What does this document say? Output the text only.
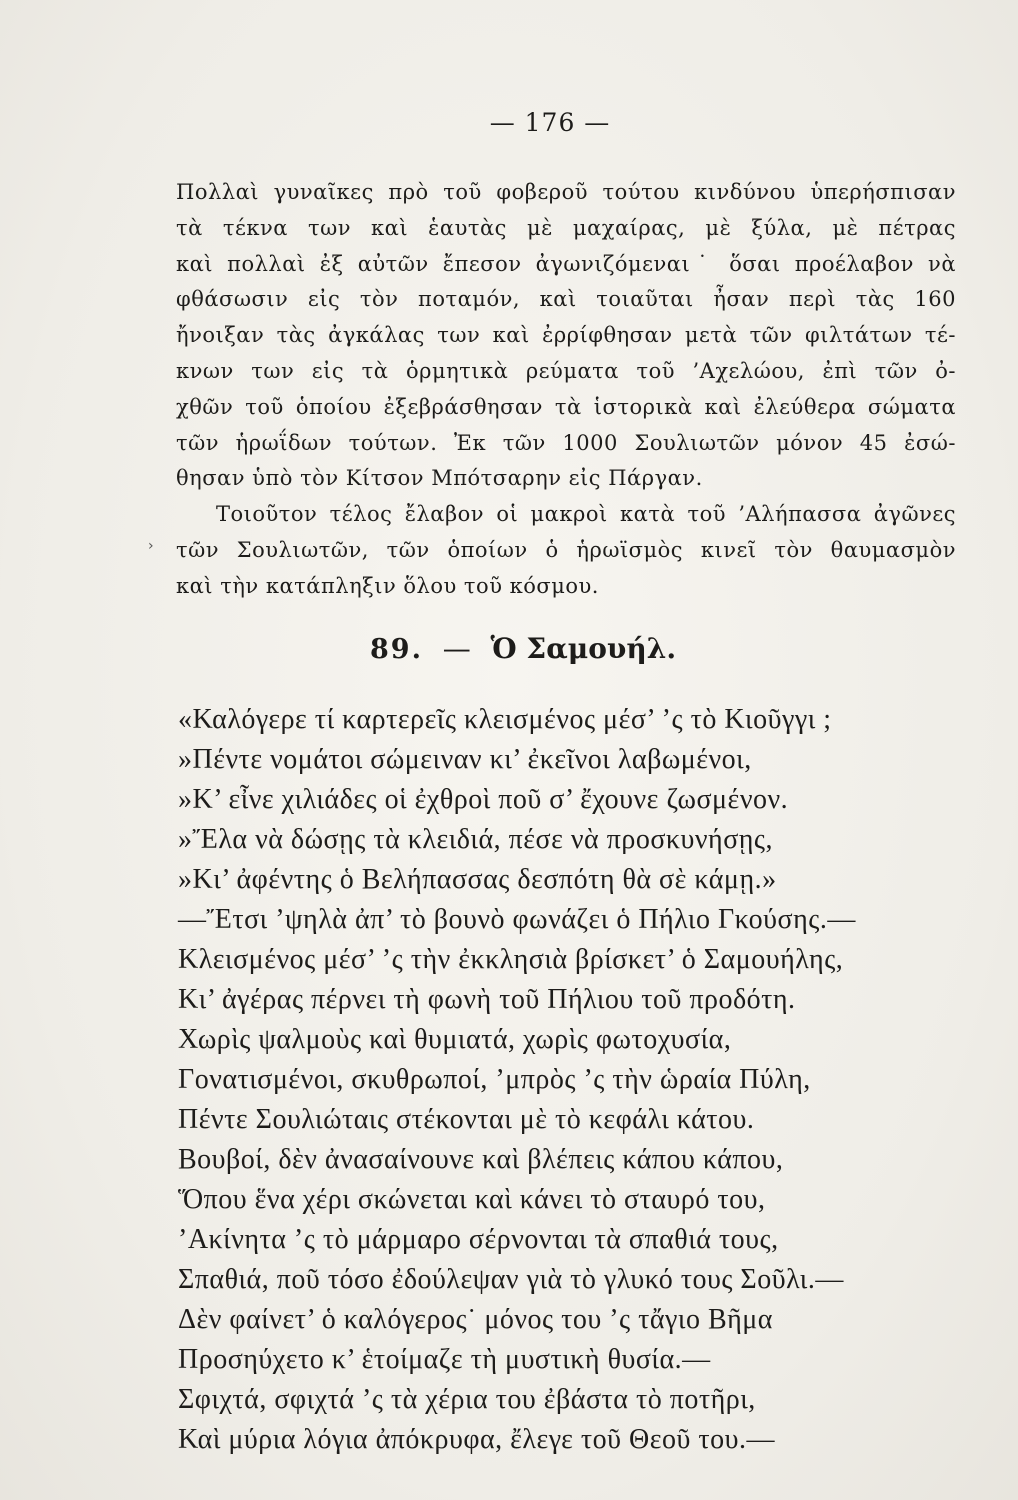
— 176 —

Πολλαὶ γυναῖκες πρὸ τοῦ φοβεροῦ τούτου κινδύνου ὑπερήσπισαν

τὰ τέκνα των καὶ ἑαυτὰς μὲ μαχαίρας, μὲ ξύλα, μὲ πέτρας

καὶ πολλαὶ ἐξ αὐτῶν ἔπεσον ἀγωνιζόμεναι˙ ὅσαι προέλαβον νὰ

φθάσωσιν εἰς τὸν ποταμόν, καὶ τοιαῦται ἦσαν περὶ τὰς 160

ἤνοιξαν τὰς ἀγκάλας των καὶ ἐρρίφθησαν μετὰ τῶν φιλτάτων τέ-

κνων των εἰς τὰ ὁρμητικὰ ρεύματα τοῦ ’Αχελώου, ἐπὶ τῶν ὀ-

χθῶν τοῦ ὁποίου ἐξεβράσθησαν τὰ ἱστορικὰ καὶ ἐλεύθερα σώματα

τῶν ἡρωΐδων τούτων. Ἐκ τῶν 1000 Σουλιωτῶν μόνον 45 ἐσώ-

θησαν ὑπὸ τὸν Κίτσον Μπότσαρην εἰς Πάργαν.

Τοιοῦτον τέλος ἔλαβον οἱ μακροὶ κατὰ τοῦ ’Αλήπασσα ἀγῶνες

τῶν Σουλιωτῶν, τῶν ὁποίων ὁ ἡρωϊσμὸς κινεῖ τὸν θαυμασμὸν

καὶ τὴν κατάπληξιν ὅλου τοῦ κόσμου.

›
89. — Ὁ Σαμουήλ.
«Καλόγερε τί καρτερεῖς κλεισμένος μέσ’ ’ς τὸ Κιοῦγγι ;
»Πέντε νομάτοι σώμειναν κι’ ἐκεῖνοι λαβωμένοι,
»Κ’ εἶνε χιλιάδες οἱ ἐχθροὶ ποῦ σ’ ἔχουνε ζωσμένον.
»Ἔλα νὰ δώσῃς τὰ κλειδιά, πέσε νὰ προσκυνήσῃς,
»Κι’ ἀφέντης ὁ Βελήπασσας δεσπότη θὰ σὲ κάμῃ.»
—Ἔτσι ’ψηλὰ ἀπ’ τὸ βουνὸ φωνάζει ὁ Πήλιο Γκούσης.—
Κλεισμένος μέσ’ ’ς τὴν ἐκκλησιὰ βρίσκετ’ ὁ Σαμουήλης,
Κι’ ἀγέρας πέρνει τὴ φωνὴ τοῦ Πήλιου τοῦ προδότη.
Χωρὶς ψαλμοὺς καὶ θυμιατά, χωρὶς φωτοχυσία,
Γονατισμένοι, σκυθρωποί, ’μπρὸς ’ς τὴν ὡραία Πύλη,
Πέντε Σουλιώταις στέκονται μὲ τὸ κεφάλι κάτου.
Βουβοί, δὲν ἀνασαίνουνε καὶ βλέπεις κάπου κάπου,
Ὅπου ἕνα χέρι σκώνεται καὶ κάνει τὸ σταυρό του,
’Ακίνητα ’ς τὸ μάρμαρο σέρνονται τὰ σπαθιά τους,
Σπαθιά, ποῦ τόσο ἐδούλεψαν γιὰ τὸ γλυκό τους Σοῦλι.—
Δὲν φαίνετ’ ὁ καλόγερος˙ μόνος του ’ς τἄγιο Βῆμα
Προσηύχετο κ’ ἑτοίμαζε τὴ μυστικὴ θυσία.—
Σφιχτά, σφιχτά ’ς τὰ χέρια του ἐβάστα τὸ ποτῆρι,
Καὶ μύρια λόγια ἀπόκρυφα, ἔλεγε τοῦ Θεοῦ του.—
